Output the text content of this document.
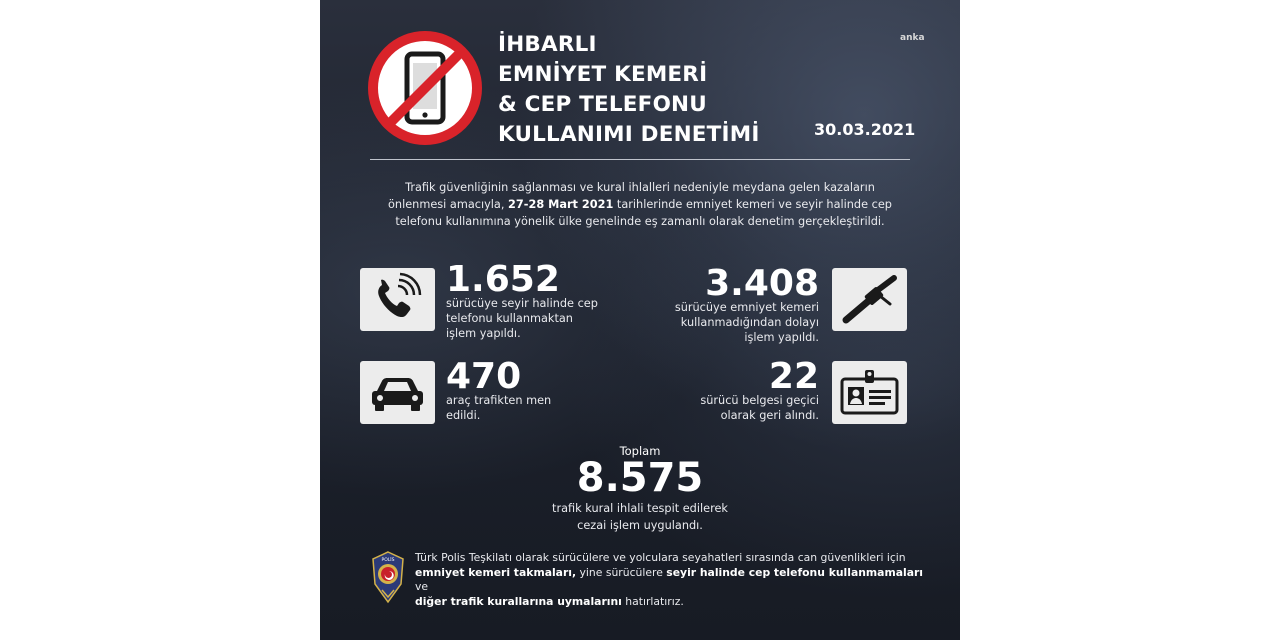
anka
İHBARLI
EMNİYET KEMERİ
& CEP TELEFONU
KULLANIMI DENETİMİ	30.03.2021
Trafik güvenliğinin sağlanması ve kural ihlalleri nedeniyle meydana gelen kazaların
önlenmesi amacıyla, 27-28 Mart 2021 tarihlerinde emniyet kemeri ve seyir halinde cep
telefonu kullanımına yönelik ülke genelinde eş zamanlı olarak denetim gerçekleştirildi.
1.652
sürücüye seyir halinde cep
telefonu kullanmaktan
işlem yapıldı.
3.408
sürücüye emniyet kemeri
kullanmadığından dolayı
işlem yapıldı.
470
araç trafikten men
edildi.
22
sürücü belgesi geçici
olarak geri alındı.
Toplam
8.575
trafik kural ihlali tespit edilerek
cezai işlem uygulandı.
POLİS Türk Polis Teşkilatı olarak sürücülere ve yolculara seyahatleri sırasında can güvenlikleri için
emniyet kemeri takmaları, yine sürücülere seyir halinde cep telefonu kullanmamaları ve
diğer trafik kurallarına uymalarını hatırlatırız.
